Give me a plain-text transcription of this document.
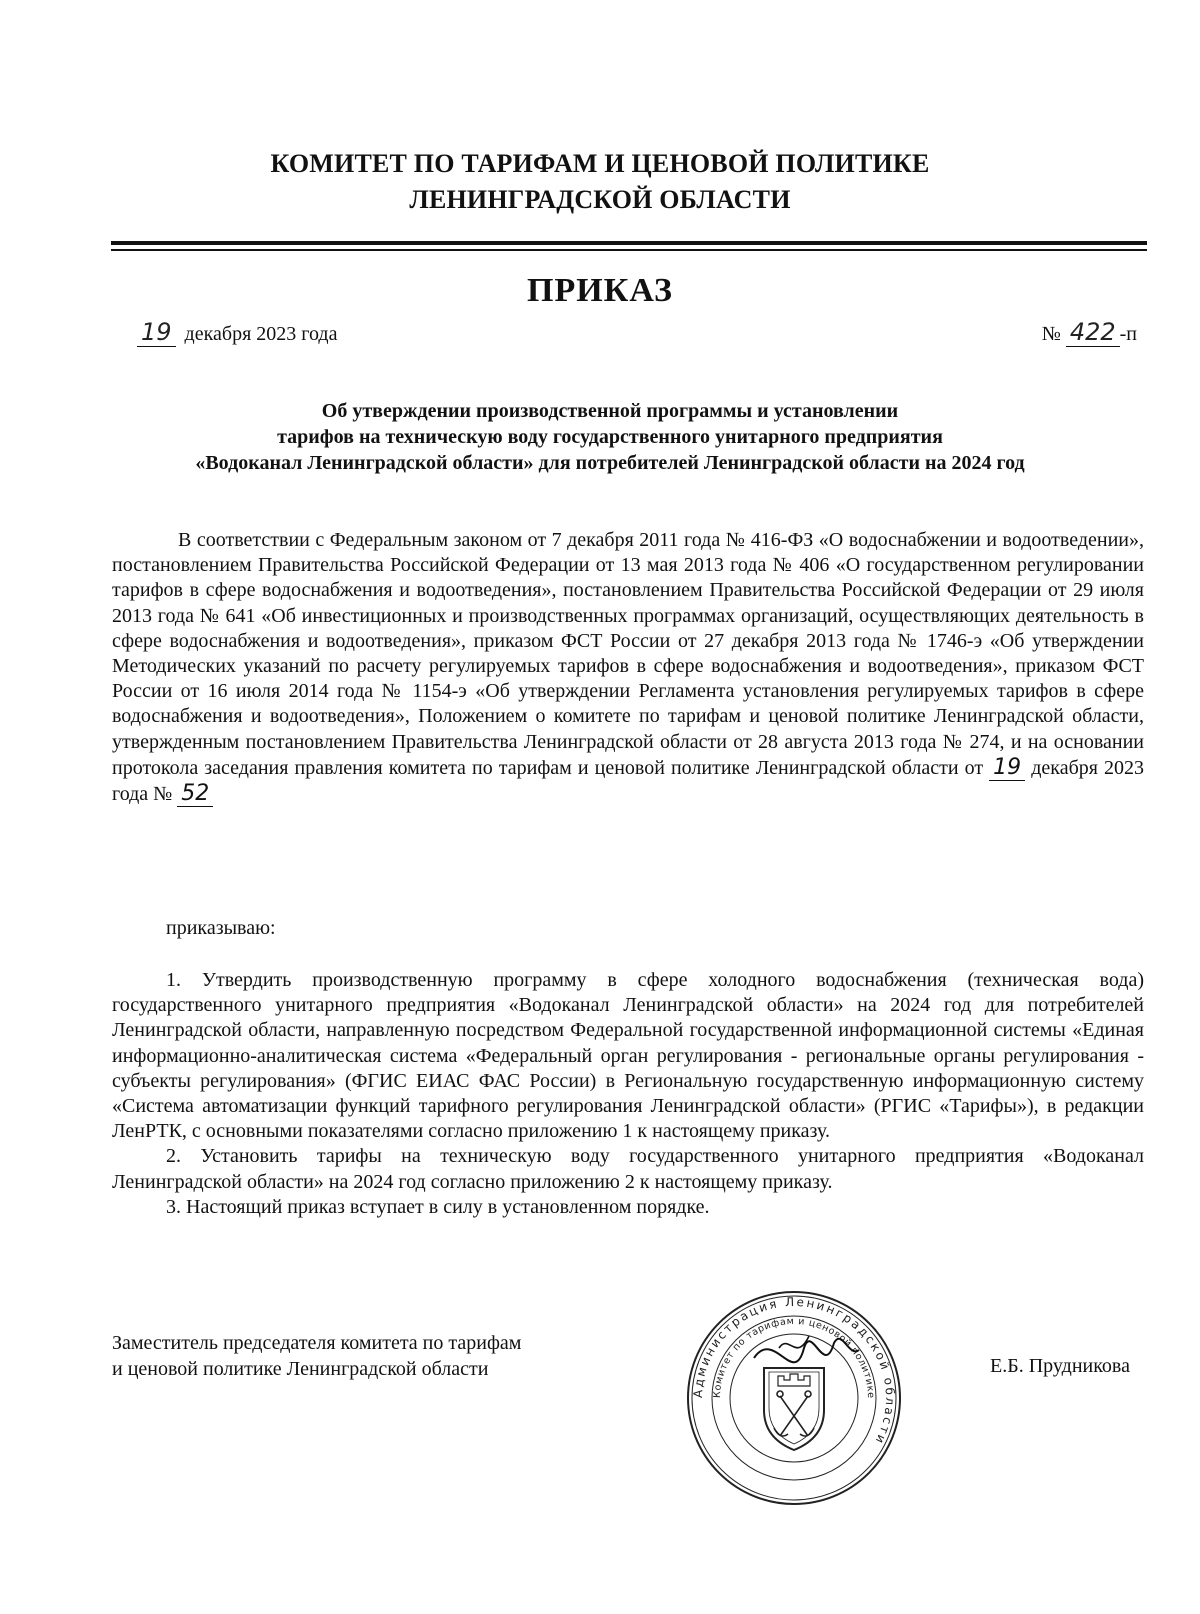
КОМИТЕТ ПО ТАРИФАМ И ЦЕНОВОЙ ПОЛИТИКЕ
ЛЕНИНГРАДСКОЙ ОБЛАСТИ
ПРИКАЗ
19 декабря 2023 года	№ 422 -п
Об утверждении производственной программы и установлении
тарифов на техническую воду государственного унитарного предприятия
«Водоканал Ленинградской области» для потребителей Ленинградской области на 2024 год
В соответствии с Федеральным законом от 7 декабря 2011 года № 416-ФЗ «О водоснабжении и водоотведении», постановлением Правительства Российской Федерации от 13 мая 2013 года № 406 «О государственном регулировании тарифов в сфере водоснабжения и водоотведения», постановлением Правительства Российской Федерации от 29 июля 2013 года № 641 «Об инвестиционных и производственных программах организаций, осуществляющих деятельность в сфере водоснабжения и водоотведения», приказом ФСТ России от 27 декабря 2013 года № 1746-э «Об утверждении Методических указаний по расчету регулируемых тарифов в сфере водоснабжения и водоотведения», приказом ФСТ России от 16 июля 2014 года № 1154-э «Об утверждении Регламента установления регулируемых тарифов в сфере водоснабжения и водоотведения», Положением о комитете по тарифам и ценовой политике Ленинградской области, утвержденным постановлением Правительства Ленинградской области от 28 августа 2013 года № 274, и на основании протокола заседания правления комитета по тарифам и ценовой политике Ленинградской области от 19 декабря 2023 года № 52
приказываю:

1. Утвердить производственную программу в сфере холодного водоснабжения (техническая вода) государственного унитарного предприятия «Водоканал Ленинградской области» на 2024 год для потребителей Ленинградской области, направленную посредством Федеральной государственной информационной системы «Единая информационно-аналитическая система «Федеральный орган регулирования - региональные органы регулирования - субъекты регулирования» (ФГИС ЕИАС ФАС России) в Региональную государственную информационную систему «Система автоматизации функций тарифного регулирования Ленинградской области» (РГИС «Тарифы»), в редакции ЛенРТК, с основными показателями согласно приложению 1 к настоящему приказу.

2. Установить тарифы на техническую воду государственного унитарного предприятия «Водоканал Ленинградской области» на 2024 год согласно приложению 2 к настоящему приказу.

3. Настоящий приказ вступает в силу в установленном порядке.

Заместитель председателя комитета по тарифам
и ценовой политике Ленинградской области
Администрация Ленинградской области
Комитет по тарифам и ценовой политике
Е.Б. Прудникова
